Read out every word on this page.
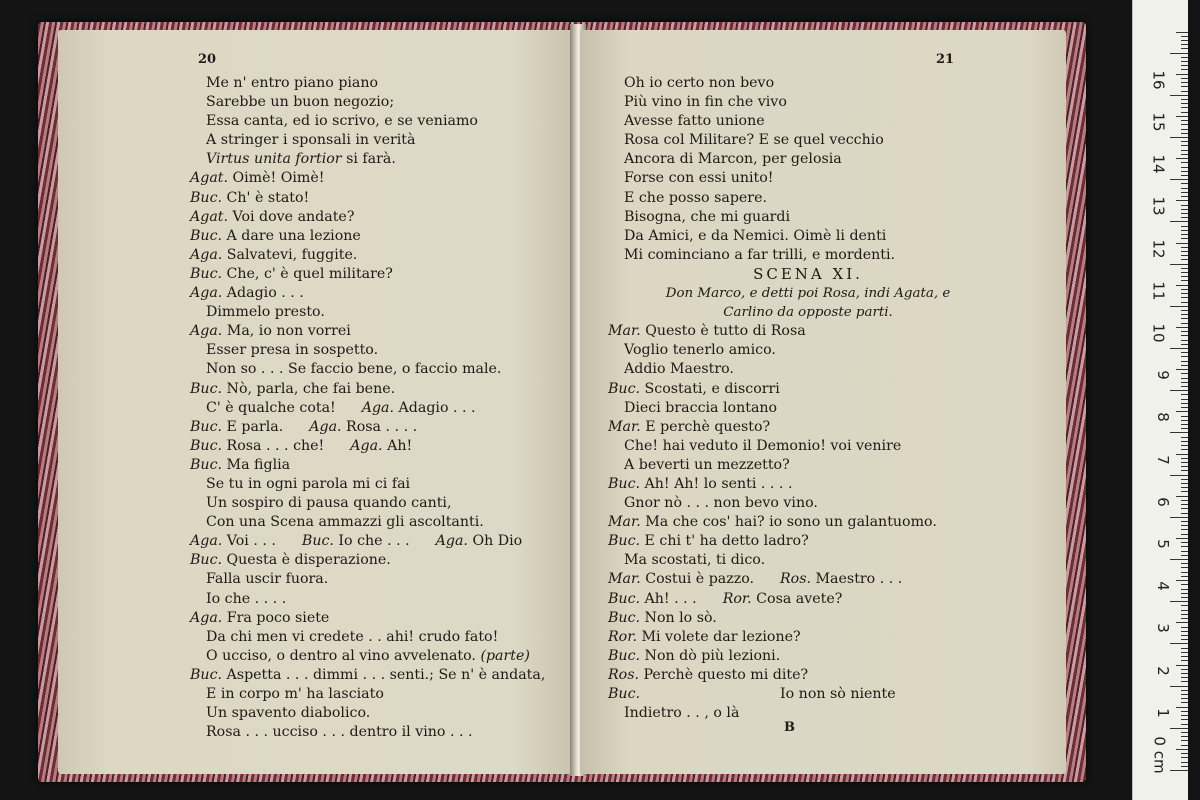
20
Me n' entro piano piano
Sarebbe un buon negozio;
Essa canta, ed io scrivo, e se veniamo
A stringer i sponsali in verità
Virtus unita fortior si farà.
Agat. Oimè! Oimè!
Buc. Ch' è stato!
Agat. Voi dove andate?
Buc. A dare una lezione
Aga. Salvatevi, fuggite.
Buc. Che, c' è quel militare?
Aga. Adagio . . .
Dimmelo presto.
Aga. Ma, io non vorrei
Esser presa in sospetto.
Non so . . . Se faccio bene, o faccio male.
Buc. Nò, parla, che fai bene.
C' è qualche cota! Aga. Adagio . . .
Buc. E parla. Aga. Rosa . . . .
Buc. Rosa . . . che! Aga. Ah!
Buc. Ma figlia
Se tu in ogni parola mi ci fai
Un sospiro di pausa quando canti,
Con una Scena ammazzi gli ascoltanti.
Aga. Voi . . . Buc. Io che . . . Aga. Oh Dio
Buc. Questa è disperazione.
Falla uscir fuora.
Io che . . . .
Aga. Fra poco siete
Da chi men vi credete . . ahi! crudo fato!
O ucciso, o dentro al vino avvelenato. (parte)
Buc. Aspetta . . . dimmi . . . senti.; Se n' è andata,
E in corpo m' ha lasciato
Un spavento diabolico.
Rosa . . . ucciso . . . dentro il vino . . .
21
Oh io certo non bevo
Più vino in fin che vivo
Avesse fatto unione
Rosa col Militare? E se quel vecchio
Ancora di Marcon, per gelosia
Forse con essi unito!
E che posso sapere.
Bisogna, che mi guardi
Da Amici, e da Nemici. Oimè li denti
Mi cominciano a far trilli, e mordenti.
SCENA XI.
Don Marco, e detti poi Rosa, indi Agata, e
Carlino da opposte parti.
Mar. Questo è tutto di Rosa
Voglio tenerlo amico.
Addio Maestro.
Buc. Scostati, e discorri
Dieci braccia lontano
Mar. E perchè questo?
Che! hai veduto il Demonio! voi venire
A beverti un mezzetto?
Buc. Ah! Ah! lo senti . . . .
Gnor nò . . . non bevo vino.
Mar. Ma che cos' hai? io sono un galantuomo.
Buc. E chi t' ha detto ladro?
Ma scostati, ti dico.
Mar. Costui è pazzo. Ros. Maestro . . .
Buc. Ah! . . . Ror. Cosa avete?
Buc. Non lo sò.
Ror. Mi volete dar lezione?
Buc. Non dò più lezioni.
Ros. Perchè questo mi dite?
Buc.	Io non sò niente
Indietro . . , o là
B
0 cm
1
2
3
4
5
6
7
8
9
10
11
12
13
14
15
16
